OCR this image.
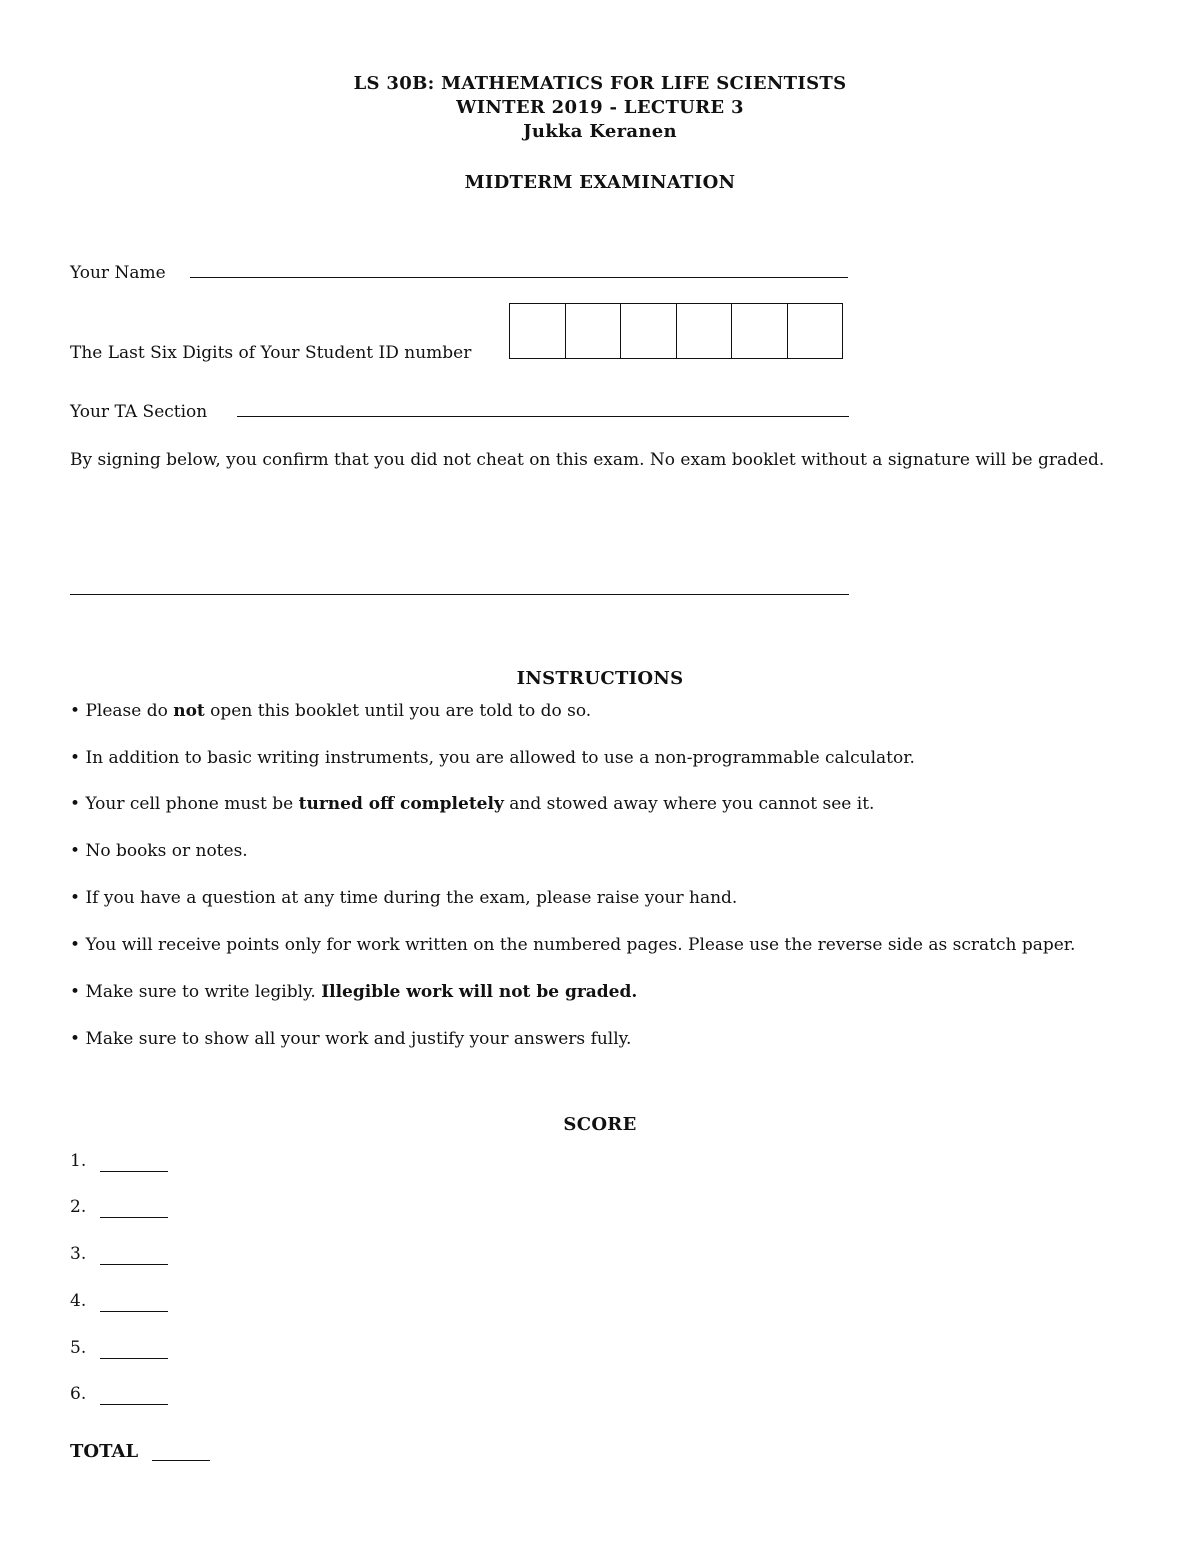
LS 30B: MATHEMATICS FOR LIFE SCIENTISTS
WINTER 2019 - LECTURE 3
Jukka Keranen
MIDTERM EXAMINATION
Your Name
The Last Six Digits of Your Student ID number
Your TA Section
By signing below, you confirm that you did not cheat on this exam. No exam booklet without a signature will be graded.
INSTRUCTIONS
• Please do not open this booklet until you are told to do so.
• In addition to basic writing instruments, you are allowed to use a non-programmable calculator.
• Your cell phone must be turned off completely and stowed away where you cannot see it.
• No books or notes.
• If you have a question at any time during the exam, please raise your hand.
• You will receive points only for work written on the numbered pages. Please use the reverse side as scratch paper.
• Make sure to write legibly. Illegible work will not be graded.
• Make sure to show all your work and justify your answers fully.
SCORE
1.
2.
3.
4.
5.
6.
TOTAL
